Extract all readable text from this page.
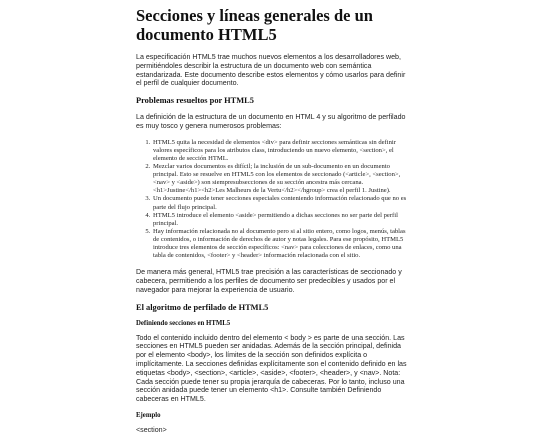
Secciones y líneas generales de un documento HTML5

La especificación HTML5 trae muchos nuevos elementos a los desarrolladores web, permitiéndoles describir la estructura de un documento web con semántica estandarizada. Este documento describe estos elementos y cómo usarlos para definir el perfil de cualquier documento.

Problemas resueltos por HTML5

La definición de la estructura de un documento en HTML 4 y su algoritmo de perfilado es muy tosco y genera numerosos problemas:

1. HTML5 quita la necesidad de elementos <div> para definir secciones semánticas sin definir valores específicos para los atributos class, introduciendo un nuevo elemento, <section>, el elemento de sección HTML.
2. Mezclar varios documentos es difícil; la inclusión de un sub-documento en un documento principal. Esto se resuelve en HTML5 con los elementos de seccionado (<article>, <section>, <nav> y <aside>) son siempresubsecciones de su sección ancestra más cercana. <h1>Justine</h1><h2>Les Malheurs de la Vertu</h2></hgroup> crea el perfil 1. Justine).
3. Un documento puede tener secciones especiales conteniendo información relacionado que no es parte del flujo principal.
4. HTML5 introduce el elemento <aside> permitiendo a dichas secciones no ser parte del perfil principal.
5. Hay información relacionada no al documento pero si al sitio entero, como logos, menús, tablas de contenidos, o información de derechos de autor y notas legales. Para ese propósito, HTML5 introduce tres elementos de sección específicos: <nav> para colecciones de enlaces, como una tabla de contenidos, <footer> y <header> información relacionada con el sitio.

De manera más general, HTML5 trae precisión a las características de seccionado y cabecera, permitiendo a los perfiles de documento ser predecibles y usados por el navegador para mejorar la experiencia de usuario.

El algoritmo de perfilado de HTML5
Definiendo secciones en HTML5

Todo el contenido incluido dentro del elemento < body > es parte de una sección. Las secciones en HTML5 pueden ser anidadas. Además de la sección principal, definida por el elemento <body>, los límites de la sección son definidos explícita o implícitamente. La secciones definidas explícitamente son el contenido definido en las etiquetas <body>, <section>, <article>, <aside>, <footer>, <header>, y <nav>. Nota: Cada sección puede tener su propia jerarquía de cabeceras. Por lo tanto, incluso una sección anidada puede tener un elemento <h1>. Consulte también Definiendo cabeceras en HTML5.

Ejemplo

<section>
